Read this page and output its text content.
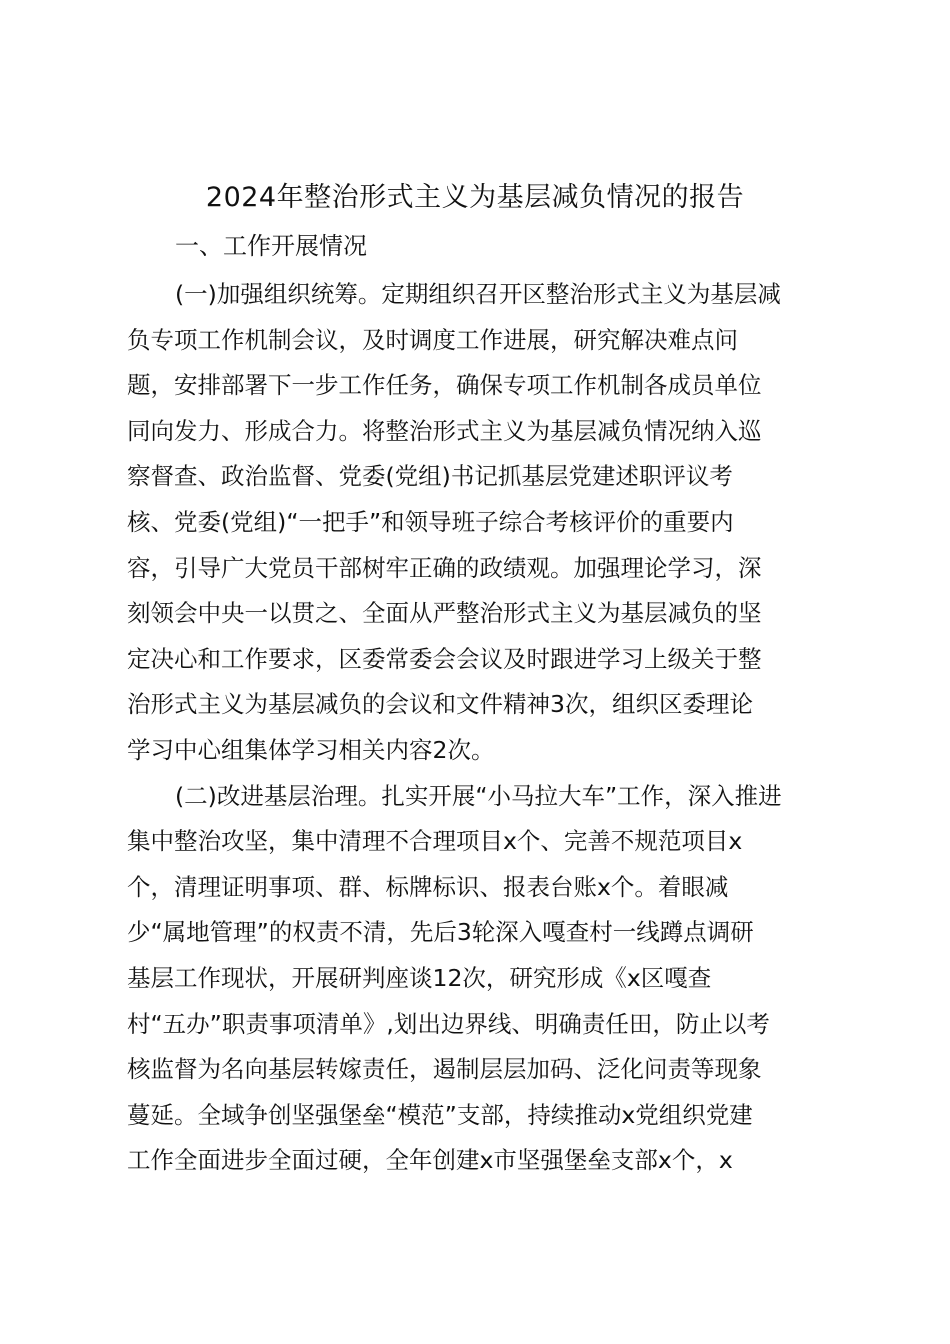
2024年整治形式主义为基层减负情况的报告
一、工作开展情况
(一)加强组织统筹。定期组织召开区整治形式主义为基层减
负专项工作机制会议，及时调度工作进展，研究解决难点问
题，安排部署下一步工作任务，确保专项工作机制各成员单位
同向发力、形成合力。将整治形式主义为基层减负情况纳入巡
察督查、政治监督、党委(党组)书记抓基层党建述职评议考
核、党委(党组)“一把手”和领导班子综合考核评价的重要内
容，引导广大党员干部树牢正确的政绩观。加强理论学习，深
刻领会中央一以贯之、全面从严整治形式主义为基层减负的坚
定决心和工作要求，区委常委会会议及时跟进学习上级关于整
治形式主义为基层减负的会议和文件精神3次，组织区委理论
学习中心组集体学习相关内容2次。
(二)改进基层治理。扎实开展“小马拉大车”工作，深入推进
集中整治攻坚，集中清理不合理项目x个、完善不规范项目x
个，清理证明事项、群、标牌标识、报表台账x个。着眼减
少“属地管理”的权责不清，先后3轮深入嘎查村一线蹲点调研
基层工作现状，开展研判座谈12次，研究形成《x区嘎查
村“五办”职责事项清单》,划出边界线、明确责任田，防止以考
核监督为名向基层转嫁责任，遏制层层加码、泛化问责等现象
蔓延。全域争创坚强堡垒“模范”支部，持续推动x党组织党建
工作全面进步全面过硬，全年创建x市坚强堡垒支部x个，x
